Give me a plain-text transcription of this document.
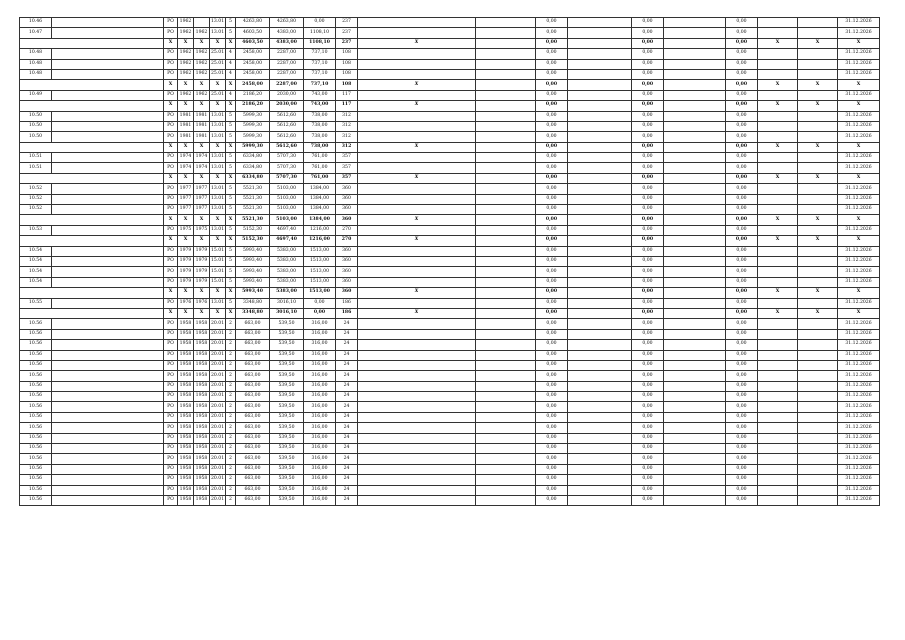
10.46		РО	1962		13.01	5	4263,80	4263,80	0,00	237			0,00		0,00		0,00			31.12.2026
10.47		РО	1962	1962	13.01	5	4603,50	4383,00	1108,10	237			0,00		0,00		0,00			31.12.2026
		X	X	X	X	X	4603,50	4383,00	1108,10	237	X		0,00		0,00		0,00	X	X	X
10.48		РО	1962	1962	25.01	4	2458,00	2287,00	737,10	108			0,00		0,00		0,00			31.12.2026
10.48		РО	1962	1962	25.01	4	2458,00	2287,00	737,10	108			0,00		0,00		0,00			31.12.2026
10.48		РО	1962	1962	25.01	4	2458,00	2287,00	737,10	108			0,00		0,00		0,00			31.12.2026
		X	X	X	X	X	2458,00	2287,00	737,10	108	X		0,00		0,00		0,00	X	X	X
10.49		РО	1962	1962	25.01	4	2186,20	2030,00	743,00	117			0,00		0,00		0,00			31.12.2026
		X	X	X	X	X	2186,20	2030,00	743,00	117	X		0,00		0,00		0,00	X	X	X
10.50		РО	1981	1981	13.01	5	5999,30	5612,60	738,00	312			0,00		0,00		0,00			31.12.2026
10.50		РО	1981	1981	13.01	5	5999,30	5612,60	738,00	312			0,00		0,00		0,00			31.12.2026
10.50		РО	1981	1981	13.01	5	5999,30	5612,60	738,00	312			0,00		0,00		0,00			31.12.2026
		X	X	X	X	X	5999,30	5612,60	738,00	312	X		0,00		0,00		0,00	X	X	X
10.51		РО	1974	1974	13.01	5	6334,80	5707,30	761,00	357			0,00		0,00		0,00			31.12.2026
10.51		РО	1974	1974	13.01	5	6334,80	5707,30	761,00	357			0,00		0,00		0,00			31.12.2026
		X	X	X	X	X	6334,80	5707,30	761,00	357	X		0,00		0,00		0,00	X	X	X
10.52		РО	1977	1977	13.01	5	5521,30	5103,00	1384,00	360			0,00		0,00		0,00			31.12.2026
10.52		РО	1977	1977	13.01	5	5521,30	5103,00	1384,00	360			0,00		0,00		0,00			31.12.2026
10.52		РО	1977	1977	13.01	5	5521,30	5103,00	1384,00	360			0,00		0,00		0,00			31.12.2026
		X	X	X	X	X	5521,30	5103,00	1384,00	360	X		0,00		0,00		0,00	X	X	X
10.53		РО	1975	1975	13.01	5	5152,30	4697,40	1216,00	270			0,00		0,00		0,00			31.12.2026
		X	X	X	X	X	5152,30	4697,40	1216,00	270	X		0,00		0,00		0,00	X	X	X
10.54		РО	1979	1979	15.01	5	5993,40	5383,00	1513,00	360			0,00		0,00		0,00			31.12.2026
10.54		РО	1979	1979	15.01	5	5993,40	5383,00	1513,00	360			0,00		0,00		0,00			31.12.2026
10.54		РО	1979	1979	15.01	5	5993,40	5383,00	1513,00	360			0,00		0,00		0,00			31.12.2026
10.54		РО	1979	1979	15.01	5	5993,40	5383,00	1513,00	360			0,00		0,00		0,00			31.12.2026
		X	X	X	X	X	5993,40	5383,00	1513,00	360	X		0,00		0,00		0,00	X	X	X
10.55		РО	1976	1976	13.01	5	3348,80	3016,10	0,00	186			0,00		0,00		0,00			31.12.2026
		X	X	X	X	X	3348,80	3016,10	0,00	186	X		0,00		0,00		0,00	X	X	X
10.56		РО	1958	1958	20.01	2	663,00	539,50	316,00	24			0,00		0,00		0,00			31.12.2026
10.56		РО	1958	1958	20.01	2	663,00	539,50	316,00	24			0,00		0,00		0,00			31.12.2026
10.56		РО	1958	1958	20.01	2	663,00	539,50	316,00	24			0,00		0,00		0,00			31.12.2026
10.56		РО	1958	1958	20.01	2	663,00	539,50	316,00	24			0,00		0,00		0,00			31.12.2026
10.56		РО	1958	1958	20.01	2	663,00	539,50	316,00	24			0,00		0,00		0,00			31.12.2026
10.56		РО	1958	1958	20.01	2	663,00	539,50	316,00	24			0,00		0,00		0,00			31.12.2026
10.56		РО	1958	1958	20.01	2	663,00	539,50	316,00	24			0,00		0,00		0,00			31.12.2026
10.56		РО	1958	1958	20.01	2	663,00	539,50	316,00	24			0,00		0,00		0,00			31.12.2026
10.56		РО	1958	1958	20.01	2	663,00	539,50	316,00	24			0,00		0,00		0,00			31.12.2026
10.56		РО	1958	1958	20.01	2	663,00	539,50	316,00	24			0,00		0,00		0,00			31.12.2026
10.56		РО	1958	1958	20.01	2	663,00	539,50	316,00	24			0,00		0,00		0,00			31.12.2026
10.56		РО	1958	1958	20.01	2	663,00	539,50	316,00	24			0,00		0,00		0,00			31.12.2026
10.56		РО	1958	1958	20.01	2	663,00	539,50	316,00	24			0,00		0,00		0,00			31.12.2026
10.56		РО	1958	1958	20.01	2	663,00	539,50	316,00	24			0,00		0,00		0,00			31.12.2026
10.56		РО	1958	1958	20.01	2	663,00	539,50	316,00	24			0,00		0,00		0,00			31.12.2026
10.56		РО	1958	1958	20.01	2	663,00	539,50	316,00	24			0,00		0,00		0,00			31.12.2026
10.56		РО	1958	1958	20.01	2	663,00	539,50	316,00	24			0,00		0,00		0,00			31.12.2026
10.56		РО	1958	1958	20.01	2	663,00	539,50	316,00	24			0,00		0,00		0,00			31.12.2026
